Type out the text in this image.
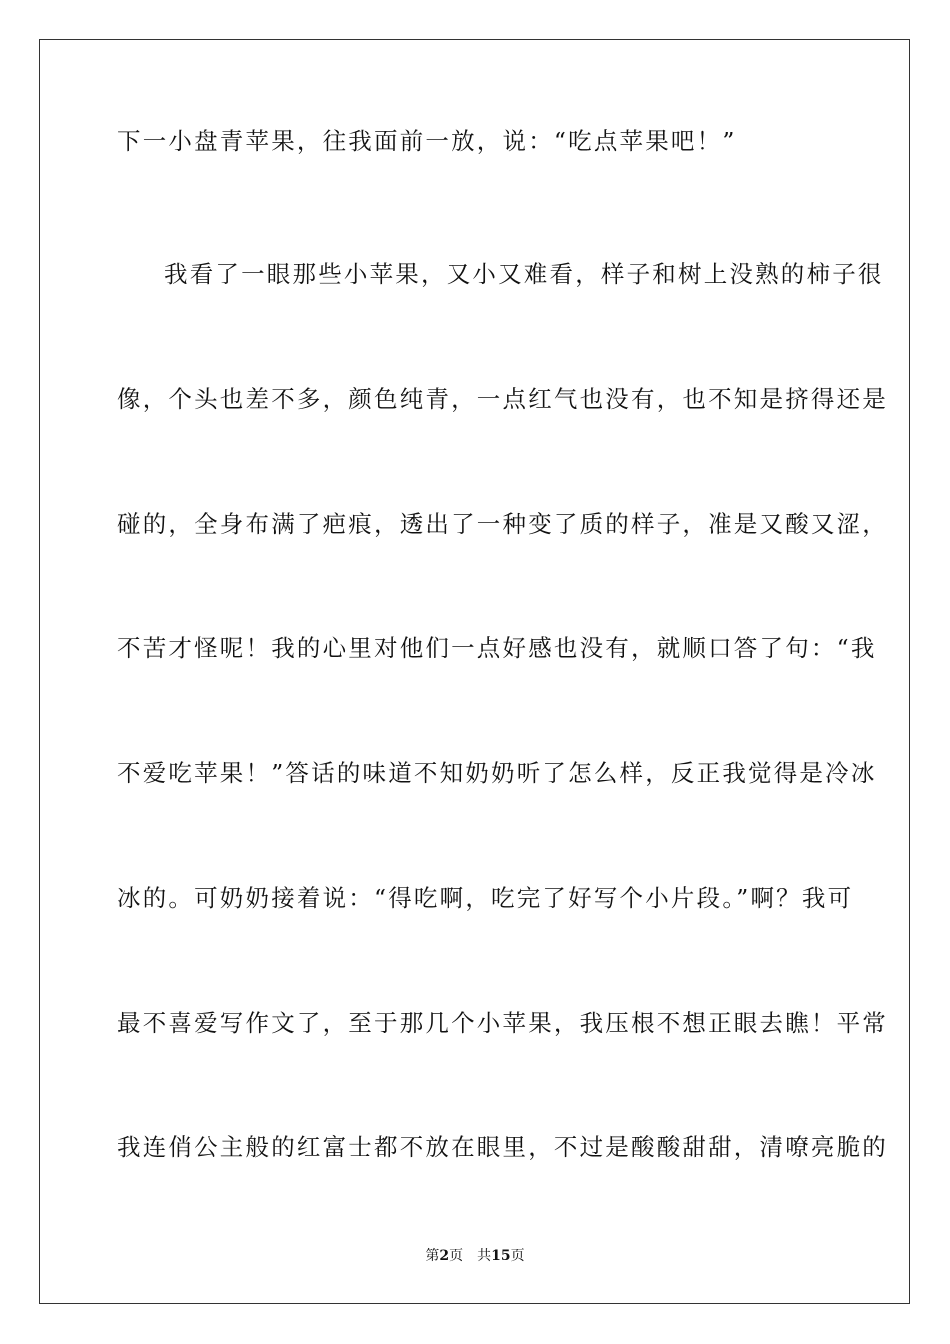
下一小盘青苹果，往我面前一放，说：“吃点苹果吧！”
我看了一眼那些小苹果，又小又难看，样子和树上没熟的柿子很
像，个头也差不多，颜色纯青，一点红气也没有，也不知是挤得还是
碰的，全身布满了疤痕，透出了一种变了质的样子，准是又酸又涩，
不苦才怪呢！我的心里对他们一点好感也没有，就顺口答了句：“我
不爱吃苹果！”答话的味道不知奶奶听了怎么样，反正我觉得是冷冰
冰的。可奶奶接着说：“得吃啊，吃完了好写个小片段。”啊？我可
最不喜爱写作文了，至于那几个小苹果，我压根不想正眼去瞧！平常
我连俏公主般的红富士都不放在眼里，不过是酸酸甜甜，清嘹亮脆的
第2页 共15页
